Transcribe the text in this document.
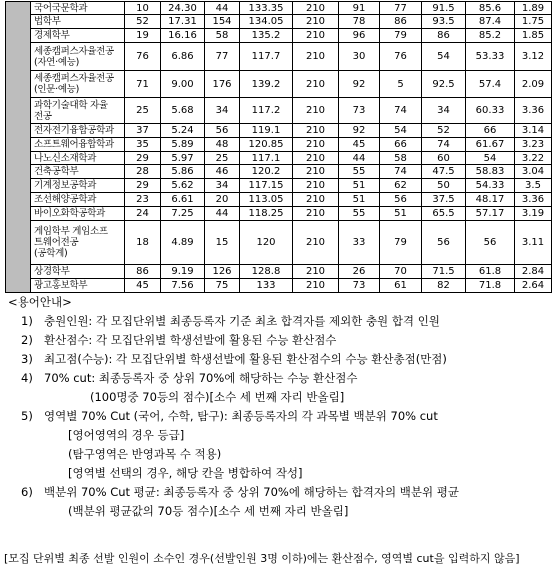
	국어국문학과	10	24.30	44	133.35	210	91	77	91.5	85.6	1.89
	법학부	52	17.31	154	134.05	210	78	86	93.5	87.4	1.75
	경제학부	19	16.16	58	135.2	210	96	79	86	85.2	1.85
	세종캠퍼스자율전공
(자연·예능)	76	6.86	77	117.7	210	30	76	54	53.33	3.12
	세종캠퍼스자율전공
(인문·예능)	71	9.00	176	139.2	210	92	5	92.5	57.4	2.09
	과학기술대학 자율
전공	25	5.68	34	117.2	210	73	74	34	60.33	3.36
	전자전기융합공학과	37	5.24	56	119.1	210	92	54	52	66	3.14
	소프트웨어융합학과	35	5.89	48	120.85	210	45	66	74	61.67	3.23
	나노신소재학과	29	5.97	25	117.1	210	44	58	60	54	3.22
	건축공학부	28	5.86	46	120.2	210	55	74	47.5	58.83	3.04
	기계정보공학과	29	5.62	34	117.15	210	51	62	50	54.33	3.5
	조선해양공학과	23	6.61	20	113.05	210	51	56	37.5	48.17	3.36
	바이오화학공학과	24	7.25	44	118.25	210	55	51	65.5	57.17	3.19
	게임학부 게임소프
트웨어전공
(공학계)	18	4.89	15	120	210	33	79	56	56	3.11
	상경학부	86	9.19	126	128.8	210	26	70	71.5	61.8	2.84
	광고홍보학부	45	7.56	75	133	210	73	61	82	71.8	2.64
<용어안내>
1) 충원인원: 각 모집단위별 최종등록자 기준 최초 합격자를 제외한 충원 합격 인원
2) 환산점수: 각 모집단위별 학생선발에 활용된 수능 환산점수
3) 최고점(수능): 각 모집단위별 학생선발에 활용된 환산점수의 수능 환산총점(만점)
4) 70% cut: 최종등록자 중 상위 70%에 해당하는 수능 환산점수
(100명중 70등의 점수)[소수 세 번째 자리 반올림]
5) 영역별 70% Cut (국어, 수학, 탐구): 최종등록자의 각 과목별 백분위 70% cut
[영어영역의 경우 등급]
(탐구영역은 반영과목 수 적용)
[영역별 선택의 경우, 해당 칸을 병합하여 작성]
6) 백분위 70% Cut 평균: 최종등록자 중 상위 70%에 해당하는 합격자의 백분위 평균
(백분위 평균값의 70등 점수)[소수 세 번째 자리 반올림]
[모집 단위별 최종 선발 인원이 소수인 경우(선발인원 3명 이하)에는 환산점수, 영역별 cut을 입력하지 않음]
